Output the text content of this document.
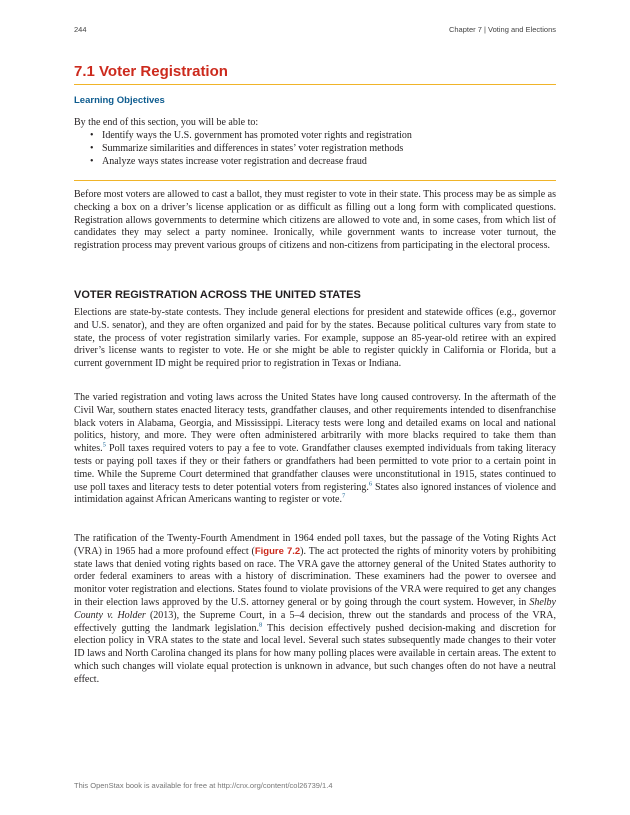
244	Chapter 7 | Voting and Elections
7.1 Voter Registration
Learning Objectives
By the end of this section, you will be able to:
• Identify ways the U.S. government has promoted voter rights and registration
• Summarize similarities and differences in states’ voter registration methods
• Analyze ways states increase voter registration and decrease fraud

Before most voters are allowed to cast a ballot, they must register to vote in their state. This process may be as simple as checking a box on a driver’s license application or as difficult as filling out a long form with complicated questions. Registration allows governments to determine which citizens are allowed to vote and, in some cases, from which list of candidates they may select a party nominee. Ironically, while government wants to increase voter turnout, the registration process may prevent various groups of citizens and non-citizens from participating in the electoral process.

VOTER REGISTRATION ACROSS THE UNITED STATES

Elections are state-by-state contests. They include general elections for president and statewide offices (e.g., governor and U.S. senator), and they are often organized and paid for by the states. Because political cultures vary from state to state, the process of voter registration similarly varies. For example, suppose an 85-year-old retiree with an expired driver’s license wants to register to vote. He or she might be able to register quickly in California or Florida, but a current government ID might be required prior to registration in Texas or Indiana.

The varied registration and voting laws across the United States have long caused controversy. In the aftermath of the Civil War, southern states enacted literacy tests, grandfather clauses, and other requirements intended to disenfranchise black voters in Alabama, Georgia, and Mississippi. Literacy tests were long and detailed exams on local and national politics, history, and more. They were often administered arbitrarily with more blacks required to take them than whites.$^5$ Poll taxes required voters to pay a fee to vote. Grandfather clauses exempted individuals from taking literacy tests or paying poll taxes if they or their fathers or grandfathers had been permitted to vote prior to a certain point in time. While the Supreme Court determined that grandfather clauses were unconstitutional in 1915, states continued to use poll taxes and literacy tests to deter potential voters from registering.$^6$ States also ignored instances of violence and intimidation against African Americans wanting to register or vote.$^7$

The ratification of the Twenty-Fourth Amendment in 1964 ended poll taxes, but the passage of the Voting Rights Act (VRA) in 1965 had a more profound effect (Figure 7.2). The act protected the rights of minority voters by prohibiting state laws that denied voting rights based on race. The VRA gave the attorney general of the United States authority to order federal examiners to areas with a history of discrimination. These examiners had the power to oversee and monitor voter registration and elections. States found to violate provisions of the VRA were required to get any changes in their election laws approved by the U.S. attorney general or by going through the court system. However, in Shelby County v. Holder (2013), the Supreme Court, in a 5–4 decision, threw out the standards and process of the VRA, effectively gutting the landmark legislation.$^8$ This decision effectively pushed decision-making and discretion for election policy in VRA states to the state and local level. Several such states subsequently made changes to their voter ID laws and North Carolina changed its plans for how many polling places were available in certain areas. The extent to which such changes will violate equal protection is unknown in advance, but such changes often do not have a neutral effect.

This OpenStax book is available for free at http://cnx.org/content/col26739/1.4
